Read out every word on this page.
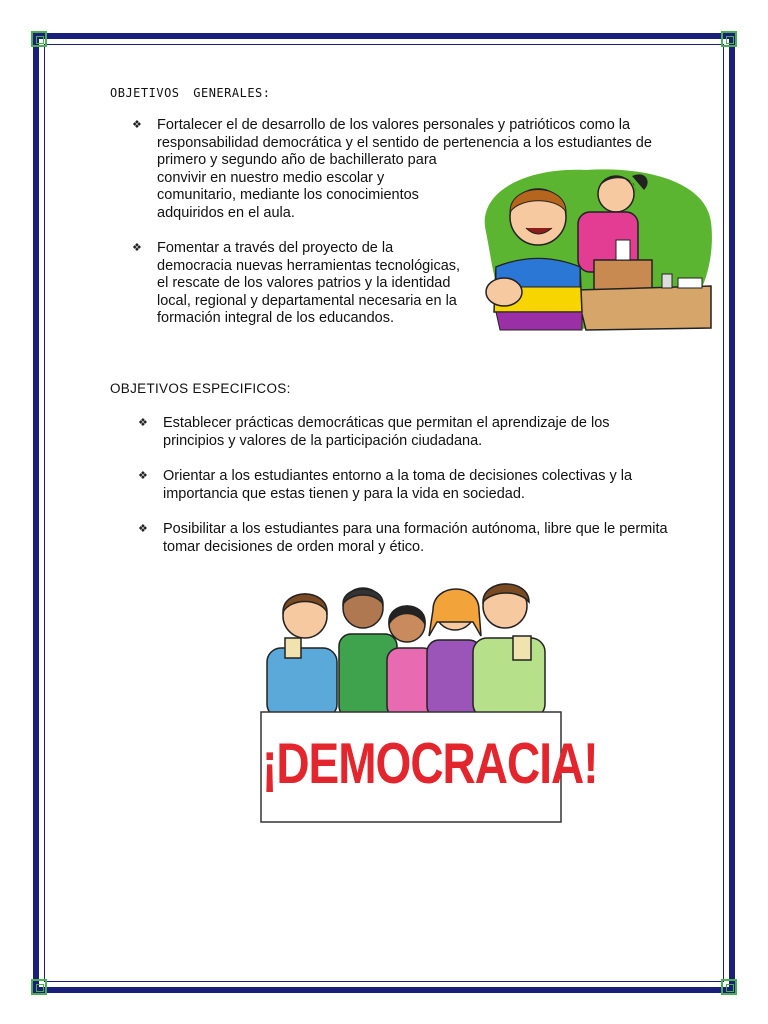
OBJETIVOS GENERALES:
❖ Fortalecer el de desarrollo de los valores personales y patrióticos como la
responsabilidad democrática y el sentido de pertenencia a los estudiantes de
primero y segundo año de bachillerato para
convivir en nuestro medio escolar y
comunitario, mediante los conocimientos
adquiridos en el aula.
❖ Fomentar a través del proyecto de la
democracia nuevas herramientas tecnológicas,
el rescate de los valores patrios y la identidad
local, regional y departamental necesaria en la
formación integral de los educandos.
OBJETIVOS ESPECIFICOS:
❖ Establecer prácticas democráticas que permitan el aprendizaje de los
principios y valores de la participación ciudadana.
❖ Orientar a los estudiantes entorno a la toma de decisiones colectivas y la
importancia que estas tienen y para la vida en sociedad.
❖ Posibilitar a los estudiantes para una formación autónoma, libre que le permita
tomar decisiones de orden moral y ético.
¡DEMOCRACIA!
